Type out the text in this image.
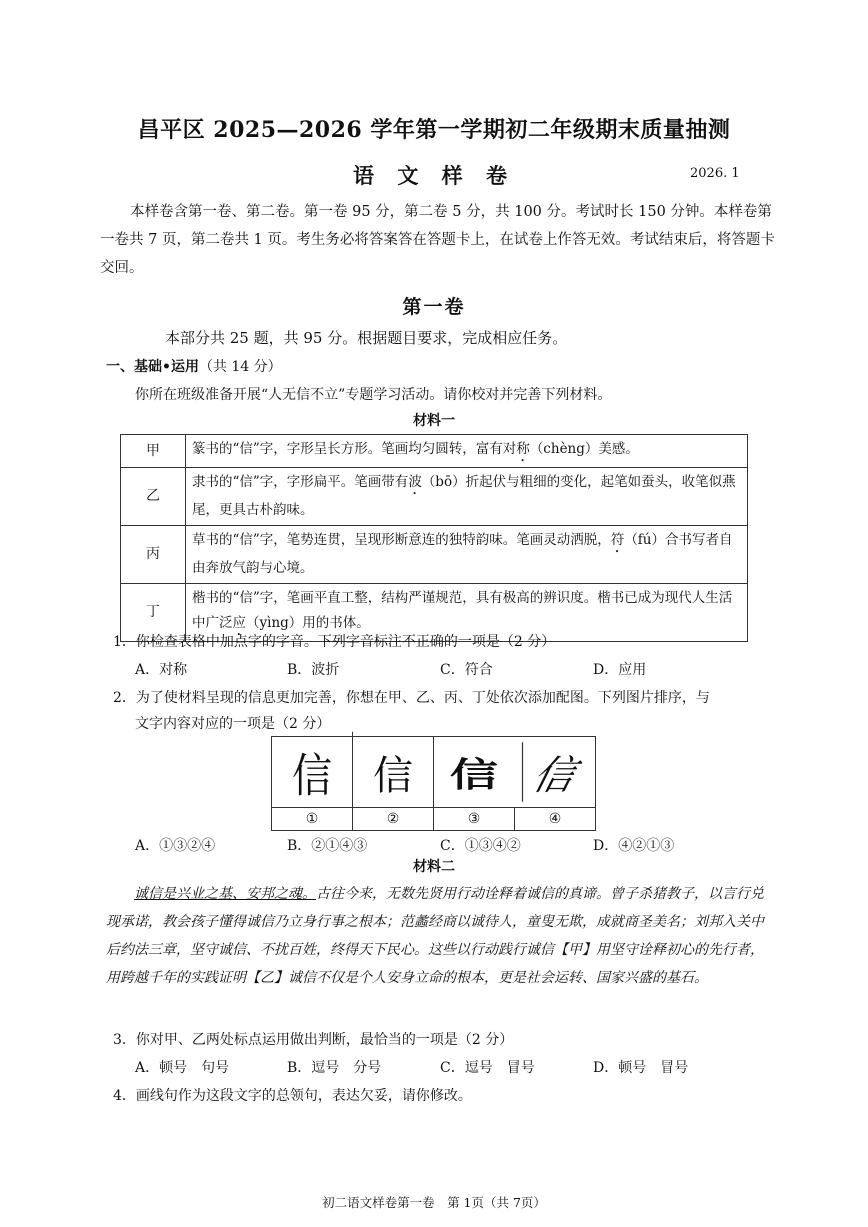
昌平区 2025—2026 学年第一学期初二年级期末质量抽测
语 文 样 卷	2026. 1
本样卷含第一卷、第二卷。第一卷 95 分，第二卷 5 分，共 100 分。考试时长 150 分钟。本样卷第一卷共 7 页，第二卷共 1 页。考生务必将答案答在答题卡上，在试卷上作答无效。考试结束后，将答题卡交回。
第一卷
本部分共 25 题，共 95 分。根据题目要求，完成相应任务。
一、基础•运用（共 14 分）
你所在班级准备开展“人无信不立”专题学习活动。请你校对并完善下列材料。
材料一
甲	篆书的“信”字，字形呈长方形。笔画均匀圆转，富有对称（chèng）美感。
乙	隶书的“信”字，字形扁平。笔画带有波（bō）折起伏与粗细的变化，起笔如蚕头，收笔似燕尾，更具古朴韵味。
丙	草书的“信”字，笔势连贯，呈现形断意连的独特韵味。笔画灵动洒脱，符（fú）合书写者自由奔放气韵与心境。
丁	楷书的“信”字，笔画平直工整，结构严谨规范，具有极高的辨识度。楷书已成为现代人生活中广泛应（yìng）用的书体。
1．你检查表格中加点字的字音。下列字音标注不正确的一项是（2 分）
A．对称	B．波折	C．符合	D．应用
2．为了使材料呈现的信息更加完善，你想在甲、乙、丙、丁处依次添加配图。下列图片排序，与
文字内容对应的一项是（2 分）
信	信 信 信
①	②	③	④
A．①③②④	B．②①④③	C．①③④②	D．④②①③
材料二
诚信是兴业之基、安邦之魂。古往今来，无数先贤用行动诠释着诚信的真谛。曾子杀猪教子，以言行兑现承诺，教会孩子懂得诚信乃立身行事之根本；范蠡经商以诚待人，童叟无欺，成就商圣美名；刘邦入关中后约法三章，坚守诚信、不扰百姓，终得天下民心。这些以行动践行诚信【甲】用坚守诠释初心的先行者，用跨越千年的实践证明【乙】诚信不仅是个人安身立命的根本，更是社会运转、国家兴盛的基石。
3．你对甲、乙两处标点运用做出判断，最恰当的一项是（2 分）
A．顿号　句号	B．逗号　分号	C．逗号　冒号	D．顿号　冒号
4．画线句作为这段文字的总领句，表达欠妥，请你修改。
初二语文样卷第一卷　第 1页（共 7页）
